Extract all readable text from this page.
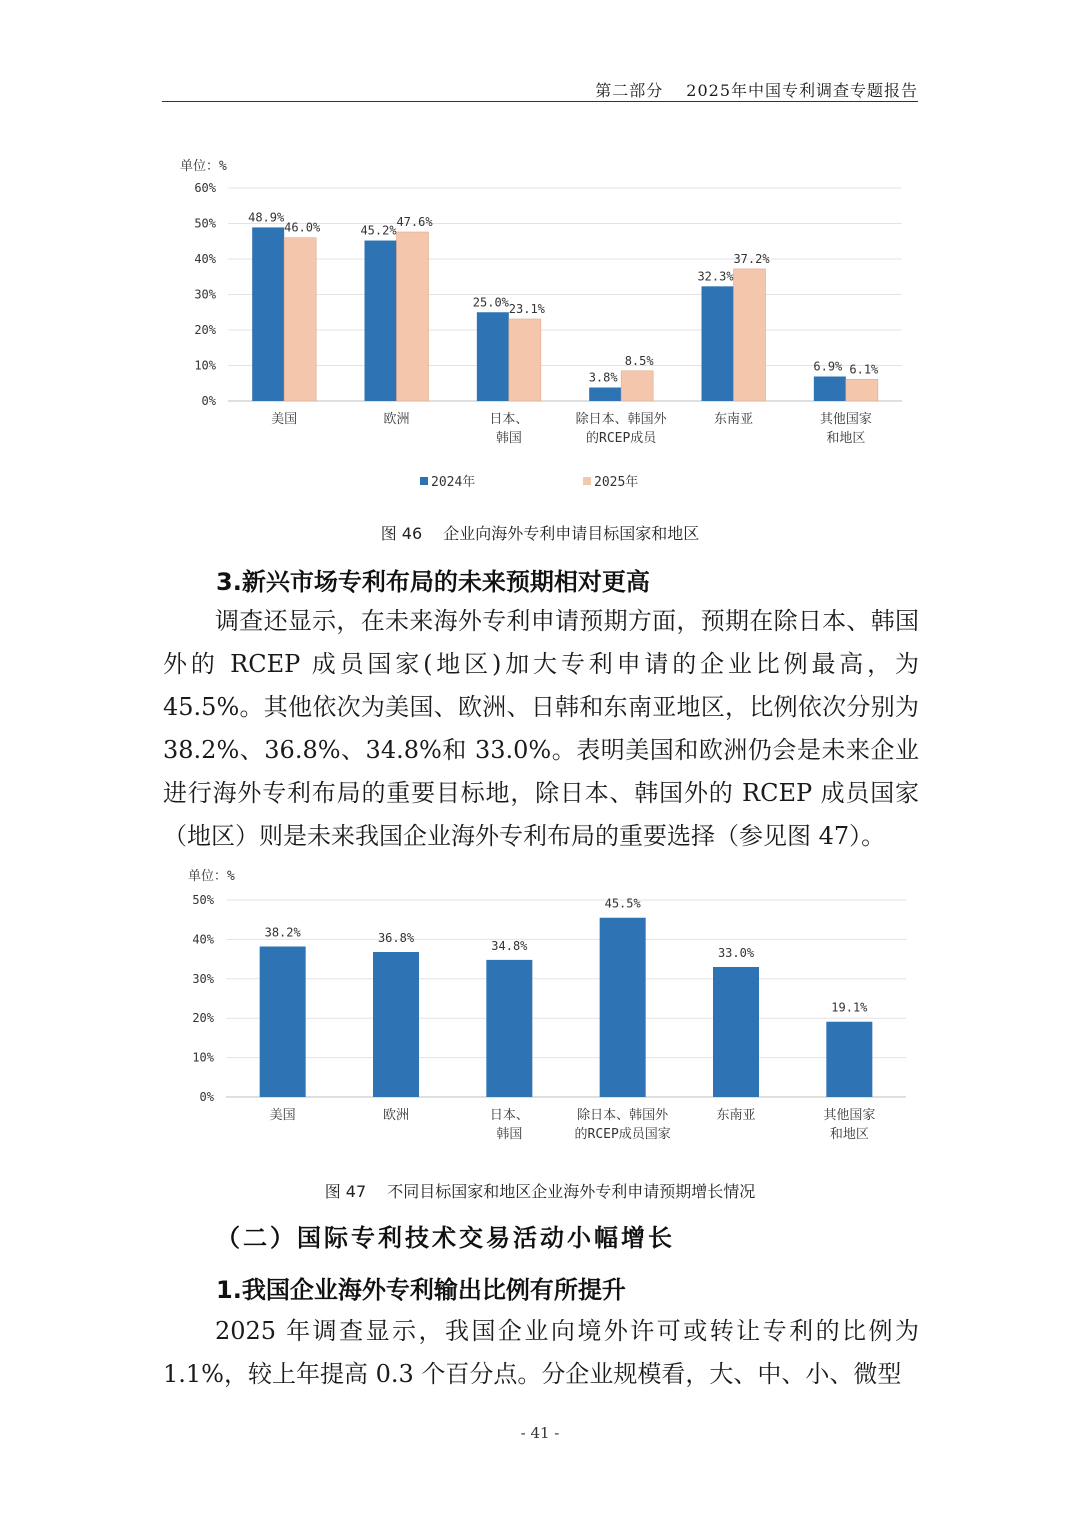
第二部分　 2025年中国专利调查专题报告
单位：%
0%
10%
20%
30%
40%
50%
60%
48.9%
46.0%
美国
45.2%
47.6%
欧洲
25.0% 23.1%
日本、
韩国
3.8%
8.5%
除日本、韩国外
的RCEP成员
32.3%
37.2%
东南亚
6.9% 6.1%
其他国家
和地区
2024年	2025年
图 46　 企业向海外专利申请目标国家和地区
3.新兴市场专利布局的未来预期相对更高
调查还显示，在未来海外专利申请预期方面，预期在除日本、韩国外的 RCEP 成员国家(地区)加大专利申请的企业比例最高，为 45.5%。其他依次为美国、欧洲、日韩和东南亚地区，比例依次分别为 38.2%、36.8%、34.8%和 33.0%。表明美国和欧洲仍会是未来企业进行海外专利布局的重要目标地，除日本、韩国外的 RCEP 成员国家（地区）则是未来我国企业海外专利布局的重要选择（参见图 47）。
单位：%
0%
10%
20%
30%
40%
50%
38.2%
美国
36.8%
欧洲
34.8%
日本、
韩国
45.5%
除日本、韩国外
的RCEP成员国家
33.0%
东南亚
19.1%
其他国家
和地区
图 47　 不同目标国家和地区企业海外专利申请预期增长情况
（二）国际专利技术交易活动小幅增长
1.我国企业海外专利输出比例有所提升
2025 年调查显示，我国企业向境外许可或转让专利的比例为 1.1%，较上年提高 0.3 个百分点。分企业规模看，大、中、小、微型
- 41 -
